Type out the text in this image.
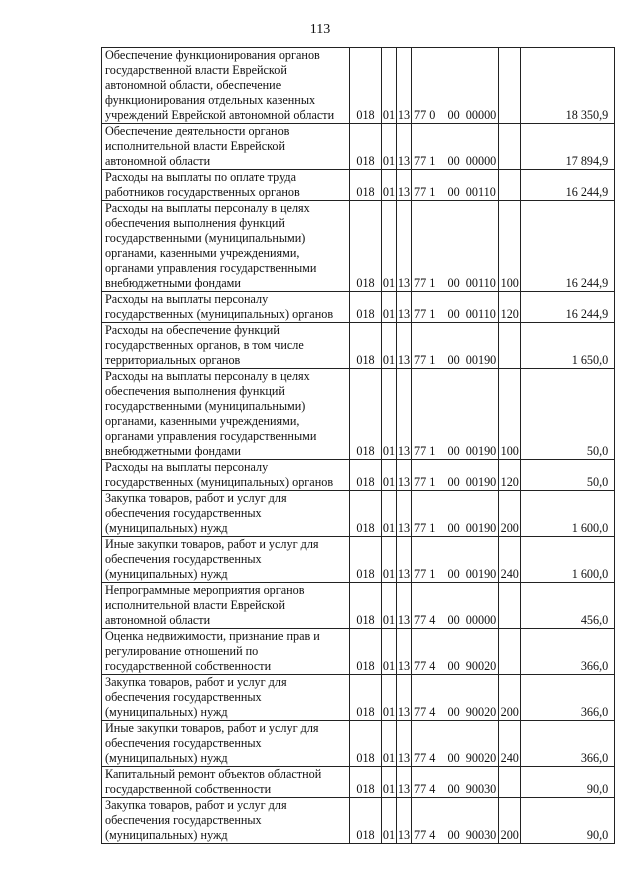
113
Обеспечение функционирования органов государственной власти Еврейской автономной области, обеспечение функционирования отдельных казенных учреждений Еврейской автономной области	018	01	13	77 0	00 00000		18 350,9
Обеспечение деятельности органов исполнительной власти Еврейской автономной области	018	01	13	77 1	00 00000		17 894,9
Расходы на выплаты по оплате труда работников государственных органов	018	01	13	77 1	00 00110		16 244,9
Расходы на выплаты персоналу в целях обеспечения выполнения функций государственными (муниципальными) органами, казенными учреждениями, органами управления государственными внебюджетными фондами	018	01	13	77 1	00 00110	100	16 244,9
Расходы на выплаты персоналу государственных (муниципальных) органов	018	01	13	77 1	00 00110	120	16 244,9
Расходы на обеспечение функций государственных органов, в том числе территориальных органов	018	01	13	77 1	00 00190		1 650,0
Расходы на выплаты персоналу в целях обеспечения выполнения функций государственными (муниципальными) органами, казенными учреждениями, органами управления государственными внебюджетными фондами	018	01	13	77 1	00 00190	100	50,0
Расходы на выплаты персоналу государственных (муниципальных) органов	018	01	13	77 1	00 00190	120	50,0
Закупка товаров, работ и услуг для обеспечения государственных (муниципальных) нужд	018	01	13	77 1	00 00190	200	1 600,0
Иные закупки товаров, работ и услуг для обеспечения государственных (муниципальных) нужд	018	01	13	77 1	00 00190	240	1 600,0
Непрограммные мероприятия органов исполнительной власти Еврейской автономной области	018	01	13	77 4	00 00000		456,0
Оценка недвижимости, признание прав и регулирование отношений по государственной собственности	018	01	13	77 4	00 90020		366,0
Закупка товаров, работ и услуг для обеспечения государственных (муниципальных) нужд	018	01	13	77 4	00 90020	200	366,0
Иные закупки товаров, работ и услуг для обеспечения государственных (муниципальных) нужд	018	01	13	77 4	00 90020	240	366,0
Капитальный ремонт объектов областной государственной собственности	018	01	13	77 4	00 90030		90,0
Закупка товаров, работ и услуг для обеспечения государственных (муниципальных) нужд	018	01	13	77 4	00 90030	200	90,0
